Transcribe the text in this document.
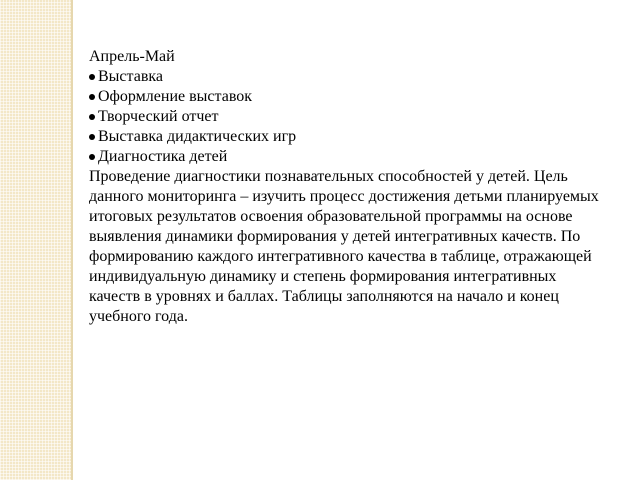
Апрель-Май

Выставка
Оформление выставок
Творческий отчет
Выставка дидактических игр
Диагностика детей

Проведение диагностики познавательных способностей у детей. Цель данного мониторинга – изучить процесс достижения детьми планируемых итоговых результатов освоения образовательной программы на основе выявления динамики формирования у детей интегративных качеств. По формированию каждого интегративного качества в таблице, отражающей индивидуальную динамику и степень формирования интегративных качеств в уровнях и баллах. Таблицы заполняются на начало и конец учебного года.
